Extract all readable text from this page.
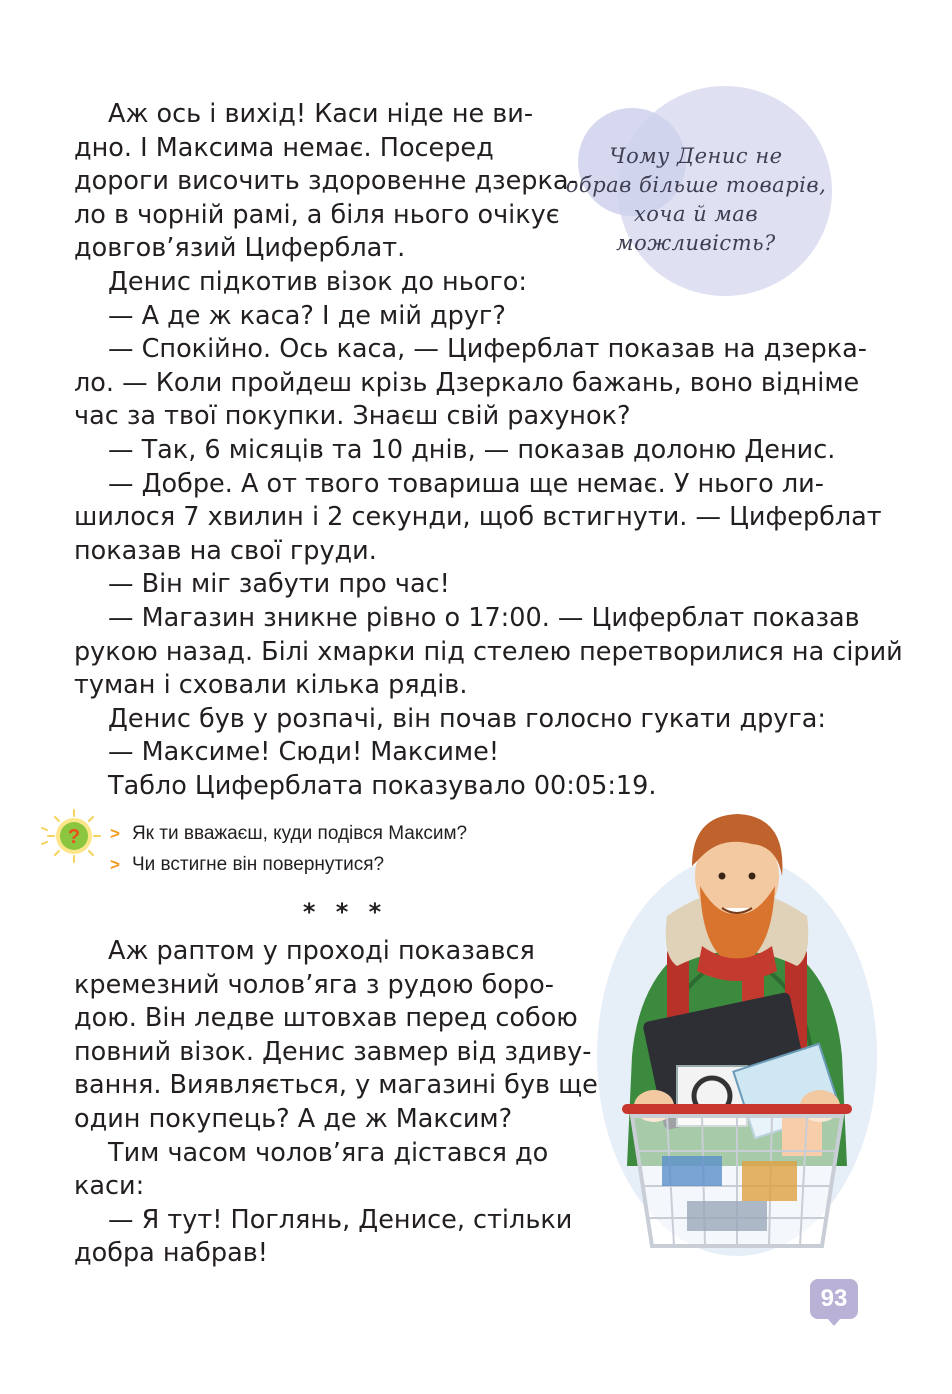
Чому Денис не
обрав більше товарів,
хоча й мав
можливість?
Аж ось і вихід! Каси ніде не ви-
дно. І Максима немає. Посеред
дороги височить здоровенне дзерка-
ло в чорній рамі, а біля нього очікує
довгов’язий Циферблат.
Денис підкотив візок до нього:
— А де ж каса? І де мій друг?
— Спокійно. Ось каса, — Циферблат показав на дзерка-
ло. — Коли пройдеш крізь Дзеркало бажань, воно відніме
час за твої покупки. Знаєш свій рахунок?
— Так, 6 місяців та 10 днів, — показав долоню Денис.
— Добре. А от твого товариша ще немає. У нього ли-
шилося 7 хвилин і 2 секунди, щоб встигнути. — Циферблат
показав на свої груди.
— Він міг забути про час!
— Магазин зникне рівно о 17:00. — Циферблат показав
рукою назад. Білі хмарки під стелею перетворилися на сірий
туман і сховали кілька рядів.
Денис був у розпачі, він почав голосно гукати друга:
— Максиме! Сюди! Максиме!
Табло Циферблата показувало 00:05:19.
? > Як ти вважаєш, куди подівся Максим?
> Чи встигне він повернутися?
* * *
Аж раптом у проході показався
кремезний чолов’яга з рудою боро-
дою. Він ледве штовхав перед собою
повний візок. Денис завмер від здиву-
вання. Виявляється, у магазині був ще
один покупець? А де ж Максим?
Тим часом чолов’яга дістався до
каси:
— Я тут! Поглянь, Денисе, стільки
добра набрав!
93
